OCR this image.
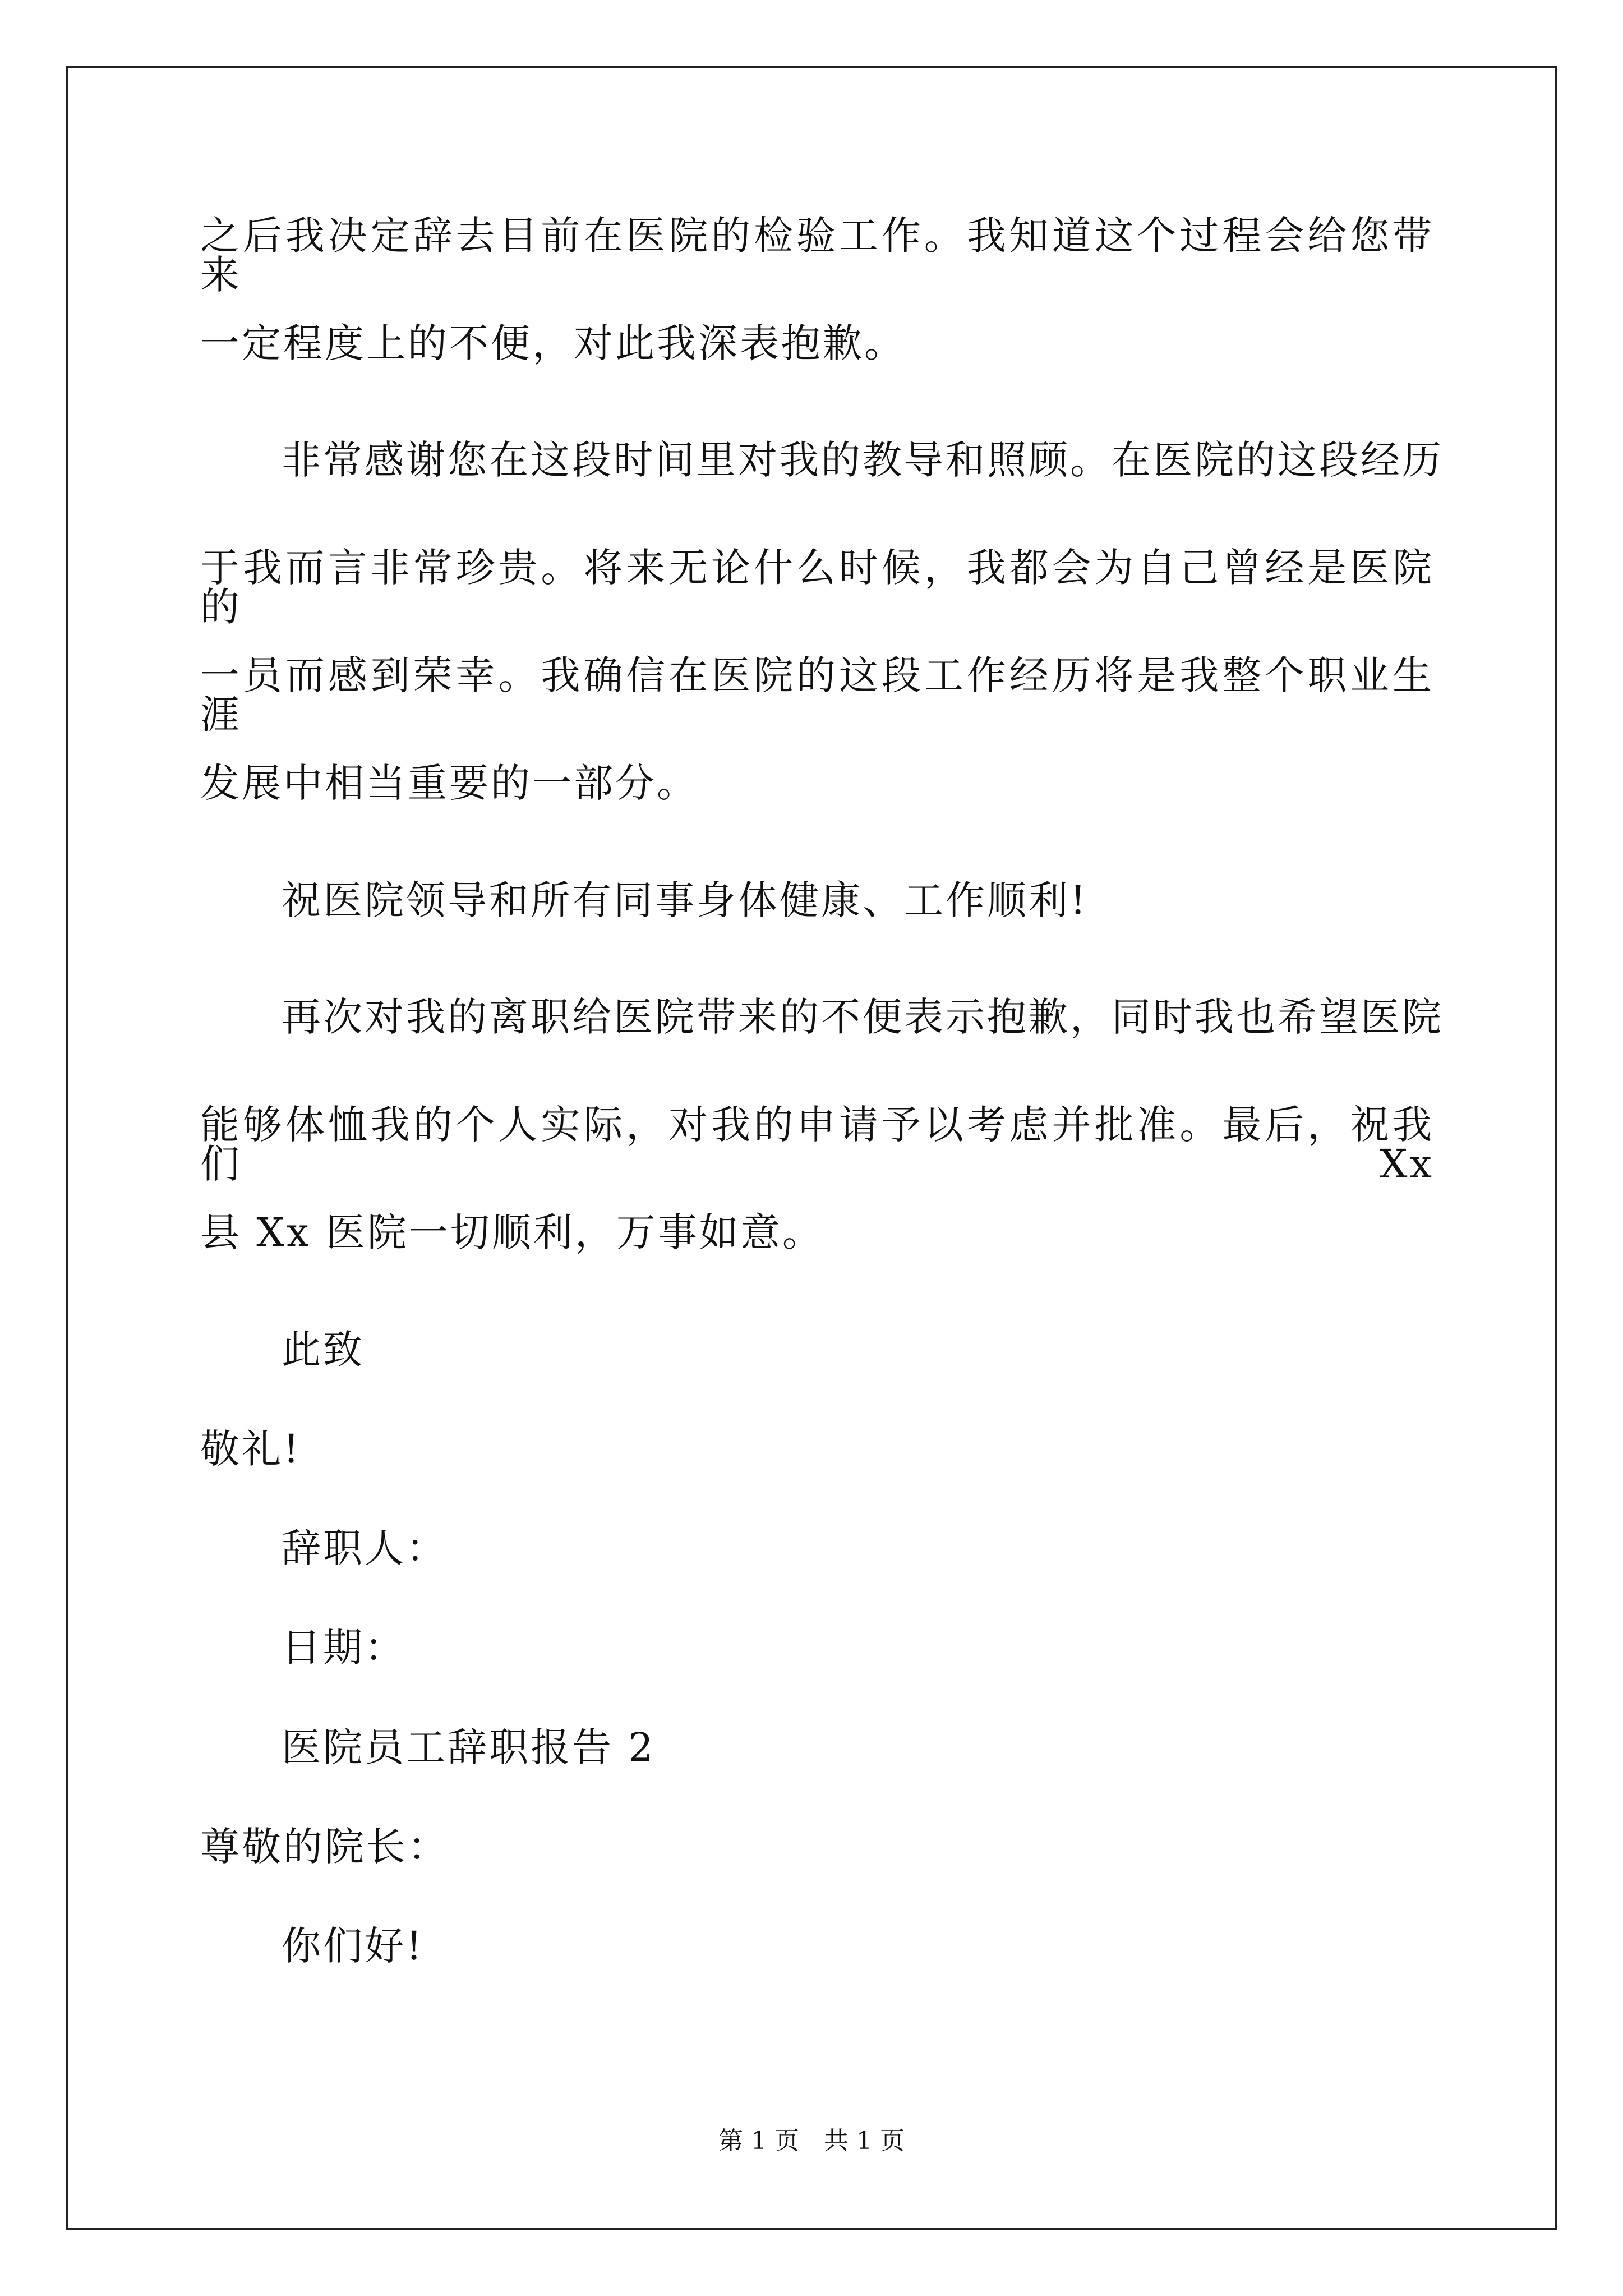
之后我决定辞去目前在医院的检验工作。我知道这个过程会给您带来
一定程度上的不便，对此我深表抱歉。
非常感谢您在这段时间里对我的教导和照顾。在医院的这段经历
于我而言非常珍贵。将来无论什么时候，我都会为自己曾经是医院的
一员而感到荣幸。我确信在医院的这段工作经历将是我整个职业生涯
发展中相当重要的一部分。
祝医院领导和所有同事身体健康、工作顺利!
再次对我的离职给医院带来的不便表示抱歉，同时我也希望医院
能够体恤我的个人实际，对我的申请予以考虑并批准。最后，祝我们 Xx
县 Xx 医院一切顺利，万事如意。
此致
敬礼!
辞职人：
日期：
医院员工辞职报告 2
尊敬的院长：
你们好!
第 1 页 共 1 页
